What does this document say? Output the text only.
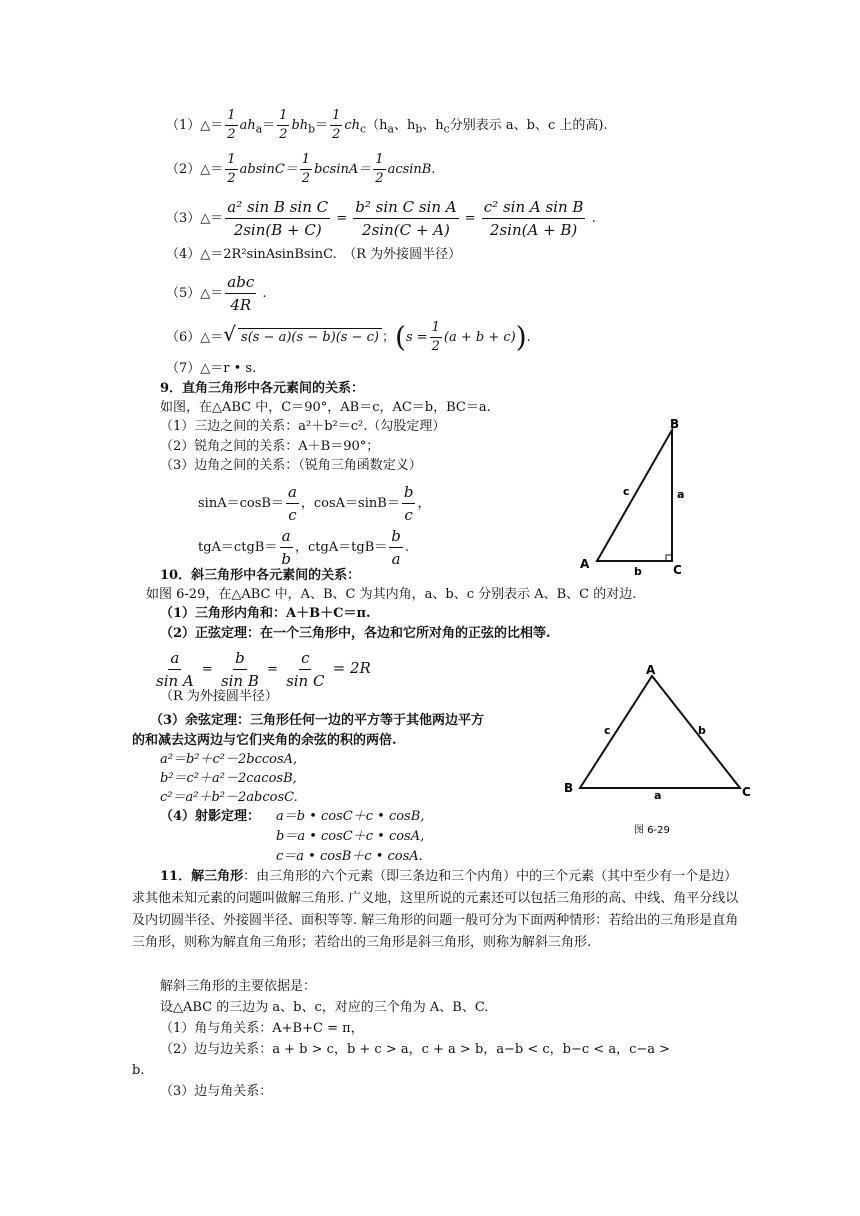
（1）△＝ $\frac{1}{2} ah_a= \frac{1}{2} bh_b= \frac{1}{2} ch_c(h_a$、$h_b$、$h_c$分别表示 a、b、c 上的高).
（2）△＝ $\frac{1}{2} absinC= \frac{1}{2} bcsinA= \frac{1}{2} acsinB$.
（3）△＝ $\frac{\text{a² sin B sin C}}{2\sin(B + C)} = \frac{\text{b² sin C sin A}}{2\sin(C + A)} = \frac{\text{c² sin A sin B}}{2\sin(A + B)}$ .
（4）△＝2R²sinAsinBsinC.　（R 为外接圆半径）
（5）△＝ $\frac{\text{abc}}{4R}$ .
（6）△＝√ s(s − a)(s − b)(s − c) ；$(s = \frac{1}{2} (a + b + c))$.
（7）△＝r • s.
9．直角三角形中各元素间的关系：
如图，在△ABC 中，C＝90°，AB＝c，AC＝b，BC＝a.
（1）三边之间的关系：a²＋b²＝c².（勾股定理）
（2）锐角之间的关系：A＋B＝90°；
（3）边角之间的关系：（锐角三角函数定义）
$\sin A=\cos B= \frac{a}{c}$ ，$\cos A=\sin B= \frac{b}{c}$ ，
tgA＝ctgB＝ $\frac{a}{b}$ ，ctgA＝tgB＝ $\frac{b}{a}$ .
B
A	C
c	a
b
10．斜三角形中各元素间的关系：
如图 6-29，在△ABC 中，A、B、C 为其内角，a、b、c 分别表示 A、B、C 的对边.
（1）三角形内角和：A＋B＋C＝π.
（2）正弦定理：在一个三角形中，各边和它所对角的正弦的比相等.
$\frac{a}{\text{sin A}} = \frac{b}{\text{sin B}} = \frac{c}{\text{sin C}} = 2R$
（R 为外接圆半径）
（3）余弦定理：三角形任何一边的平方等于其他两边平方
的和减去这两边与它们夹角的余弦的积的两倍.
a²＝b²＋c²－2bccosA,
b²＝c²＋a²－2cacosB,
c²＝a²＋b²－2abcosC.
（4）射影定理： a＝b • cosC＋c • cosB,
b＝a • cosC＋c • cosA,
c＝a • cosB＋c • cosA.
A
B	C
c	b
a
图 6-29
11．解三角形：由三角形的六个元素（即三条边和三个内角）中的三个元素（其中至少有一个是边）求其他未知元素的问题叫做解三角形. 广义地，这里所说的元素还可以包括三角形的高、中线、角平分线以及内切圆半径、外接圆半径、面积等等. 解三角形的问题一般可分为下面两种情形：若给出的三角形是直角三角形，则称为解直角三角形；若给出的三角形是斜三角形，则称为解斜三角形.
解斜三角形的主要依据是：
设△ABC 的三边为 a、b、c，对应的三个角为 A、B、C.
（1）角与角关系：A+B+C = π，
（2）边与边关系：a + b > c，b + c > a，c + a > b，a−b < c，b−c < a，c−a >
b.
（3）边与角关系：
